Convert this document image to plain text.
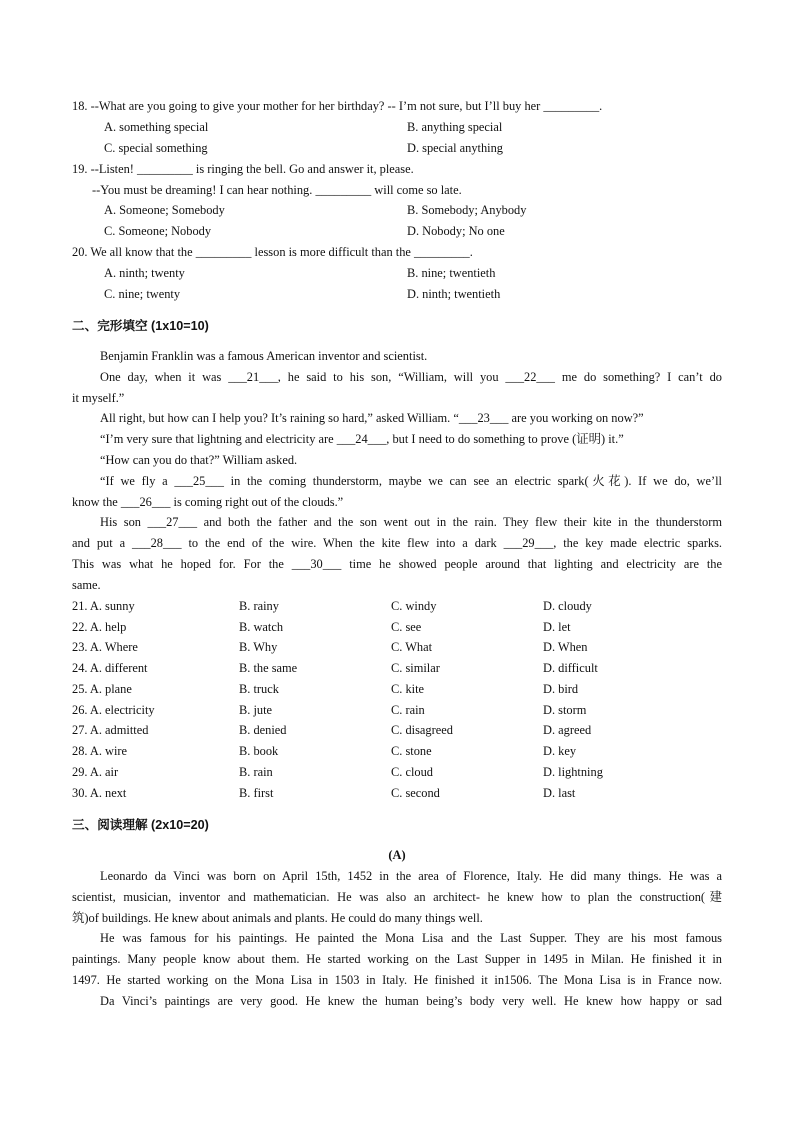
18. --What are you going to give your mother for her birthday? -- I’m not sure, but I’ll buy her _________.
A. something special	B. anything special
C. special something	D. special anything
19. --Listen! _________ is ringing the bell. Go and answer it, please.
--You must be dreaming! I can hear nothing. _________ will come so late.
A. Someone; Somebody	B. Somebody; Anybody
C. Someone; Nobody	D. Nobody; No one
20. We all know that the _________ lesson is more difficult than the _________.
A. ninth; twenty	B. nine; twentieth
C. nine; twenty	D. ninth; twentieth
二、完形填空 (1x10=10)
Benjamin Franklin was a famous American inventor and scientist.
One day, when it was ___21___, he said to his son, “William, will you ___22___ me do something? I can’t do
it myself.”
All right, but how can I help you? It’s raining so hard,” asked William. “___23___ are you working on now?”
“I’m very sure that lightning and electricity are ___24___, but I need to do something to prove (证明) it.”
“How can you do that?” William asked.
“If we fly a ___25___ in the coming thunderstorm, maybe we can see an electric spark(火花). If we do, we’ll
know the ___26___ is coming right out of the clouds.”
His son ___27___ and both the father and the son went out in the rain. They flew their kite in the thunderstorm
and put a ___28___ to the end of the wire. When the kite flew into a dark ___29___, the key made electric sparks.
This was what he hoped for. For the ___30___ time he showed people around that lighting and electricity are the
same.
21. A. sunny	B. rainy	C. windy	D. cloudy
22. A. help	B. watch	C. see	D. let
23. A. Where	B. Why	C. What	D. When
24. A. different	B. the same	C. similar	D. difficult
25. A. plane	B. truck	C. kite	D. bird
26. A. electricity	B. jute	C. rain	D. storm
27. A. admitted	B. denied	C. disagreed	D. agreed
28. A. wire	B. book	C. stone	D. key
29. A. air	B. rain	C. cloud	D. lightning
30. A. next	B. first	C. second	D. last
三、阅读理解 (2x10=20)
(A)
Leonardo da Vinci was born on April 15th, 1452 in the area of Florence, Italy. He did many things. He was a
scientist, musician, inventor and mathematician. He was also an architect- he knew how to plan the construction(建
筑)of buildings. He knew about animals and plants. He could do many things well.
He was famous for his paintings. He painted the Mona Lisa and the Last Supper. They are his most famous
paintings. Many people know about them. He started working on the Last Supper in 1495 in Milan. He finished it in
1497. He started working on the Mona Lisa in 1503 in Italy. He finished it in1506. The Mona Lisa is in France now.
Da Vinci’s paintings are very good. He knew the human being’s body very well. He knew how happy or sad
